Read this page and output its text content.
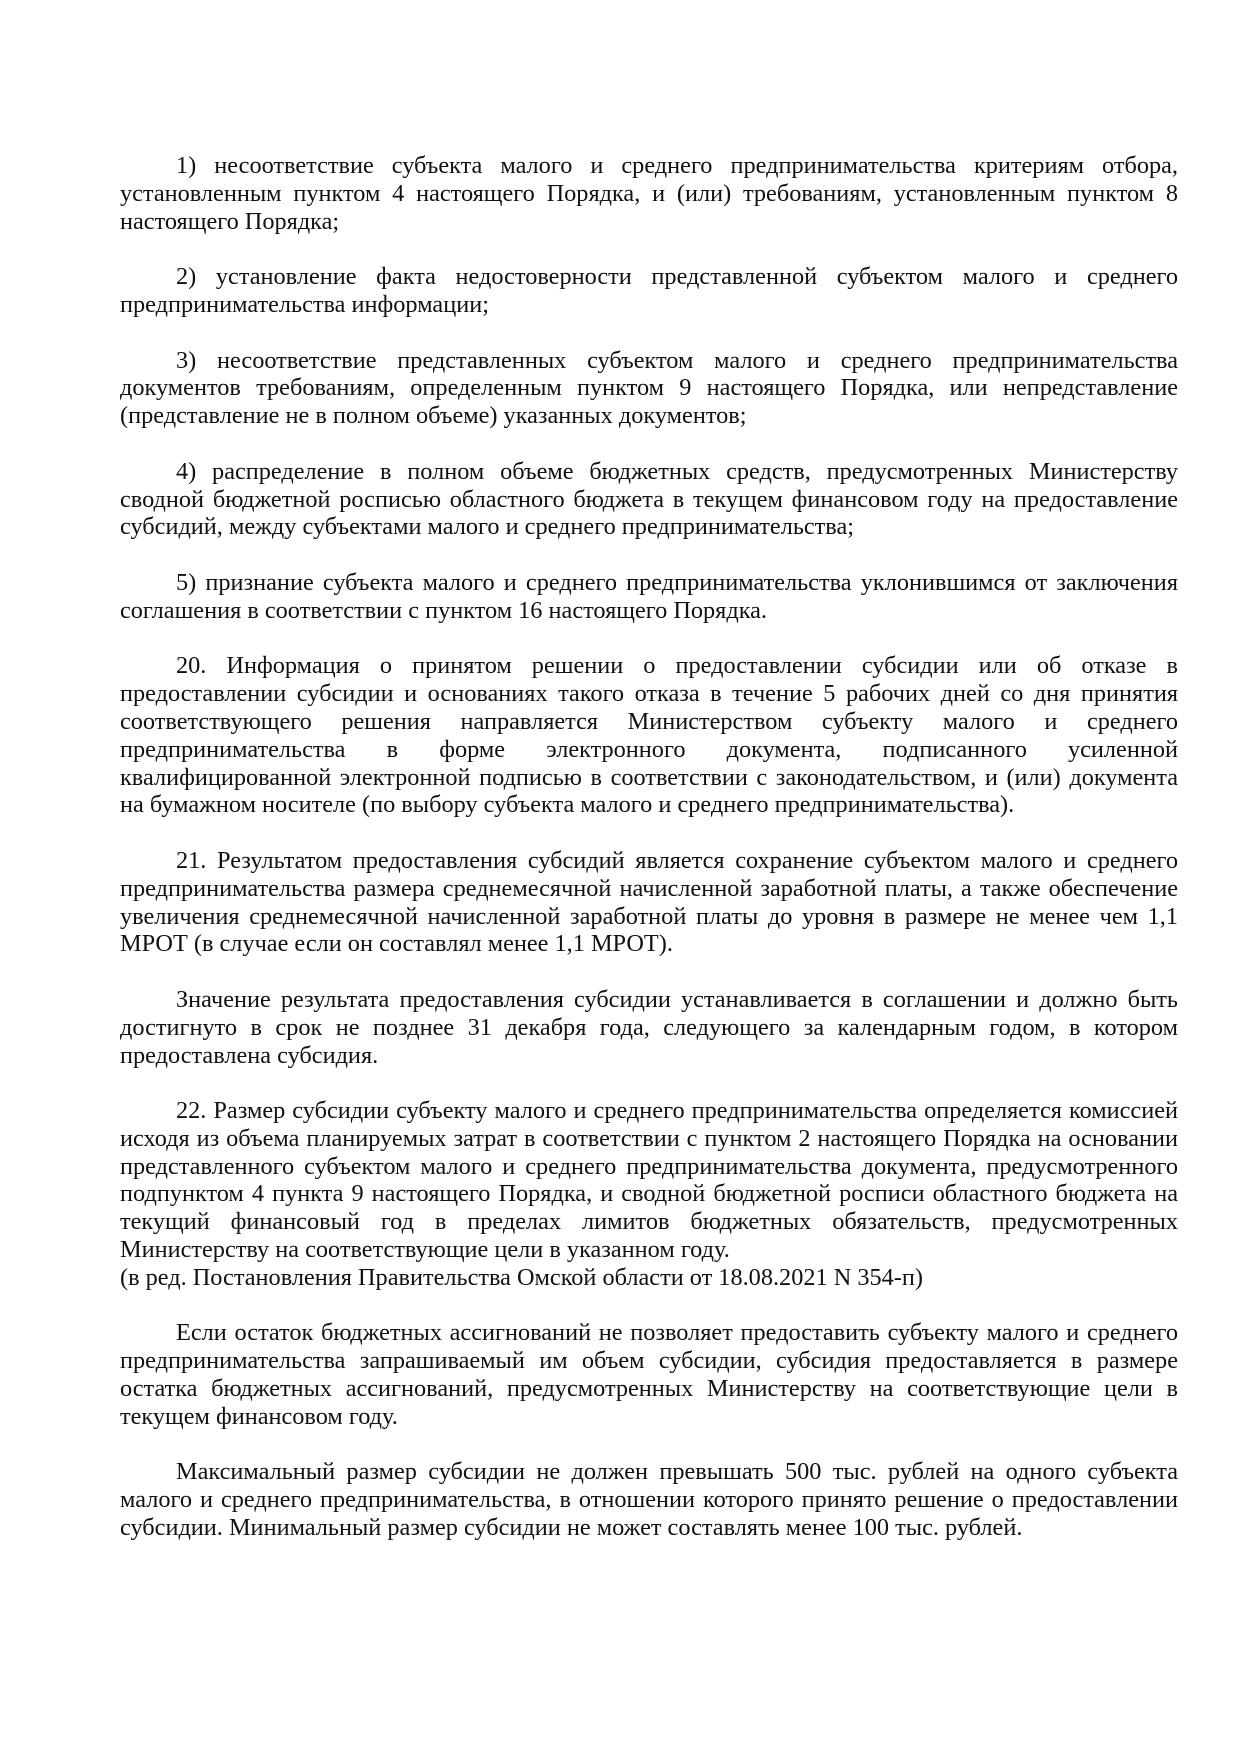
1) несоответствие субъекта малого и среднего предпринимательства критериям отбора, установленным пунктом 4 настоящего Порядка, и (или) требованиям, установленным пунктом 8 настоящего Порядка;

2) установление факта недостоверности представленной субъектом малого и среднего предпринимательства информации;

3) несоответствие представленных субъектом малого и среднего предпринимательства документов требованиям, определенным пунктом 9 настоящего Порядка, или непредставление (представление не в полном объеме) указанных документов;

4) распределение в полном объеме бюджетных средств, предусмотренных Министерству сводной бюджетной росписью областного бюджета в текущем финансовом году на предоставление субсидий, между субъектами малого и среднего предпринимательства;

5) признание субъекта малого и среднего предпринимательства уклонившимся от заключения соглашения в соответствии с пунктом 16 настоящего Порядка.

20. Информация о принятом решении о предоставлении субсидии или об отказе в предоставлении субсидии и основаниях такого отказа в течение 5 рабочих дней со дня принятия соответствующего решения направляется Министерством субъекту малого и среднего предпринимательства в форме электронного документа, подписанного усиленной квалифицированной электронной подписью в соответствии с законодательством, и (или) документа на бумажном носителе (по выбору субъекта малого и среднего предпринимательства).

21. Результатом предоставления субсидий является сохранение субъектом малого и среднего предпринимательства размера среднемесячной начисленной заработной платы, а также обеспечение увеличения среднемесячной начисленной заработной платы до уровня в размере не менее чем 1,1 МРОТ (в случае если он составлял менее 1,1 МРОТ).

Значение результата предоставления субсидии устанавливается в соглашении и должно быть достигнуто в срок не позднее 31 декабря года, следующего за календарным годом, в котором предоставлена субсидия.

22. Размер субсидии субъекту малого и среднего предпринимательства определяется комиссией исходя из объема планируемых затрат в соответствии с пунктом 2 настоящего Порядка на основании представленного субъектом малого и среднего предпринимательства документа, предусмотренного подпунктом 4 пункта 9 настоящего Порядка, и сводной бюджетной росписи областного бюджета на текущий финансовый год в пределах лимитов бюджетных обязательств, предусмотренных Министерству на соответствующие цели в указанном году.

(в ред. Постановления Правительства Омской области от 18.08.2021 N 354-п)

Если остаток бюджетных ассигнований не позволяет предоставить субъекту малого и среднего предпринимательства запрашиваемый им объем субсидии, субсидия предоставляется в размере остатка бюджетных ассигнований, предусмотренных Министерству на соответствующие цели в текущем финансовом году.

Максимальный размер субсидии не должен превышать 500 тыс. рублей на одного субъекта малого и среднего предпринимательства, в отношении которого принято решение о предоставлении субсидии. Минимальный размер субсидии не может составлять менее 100 тыс. рублей.
